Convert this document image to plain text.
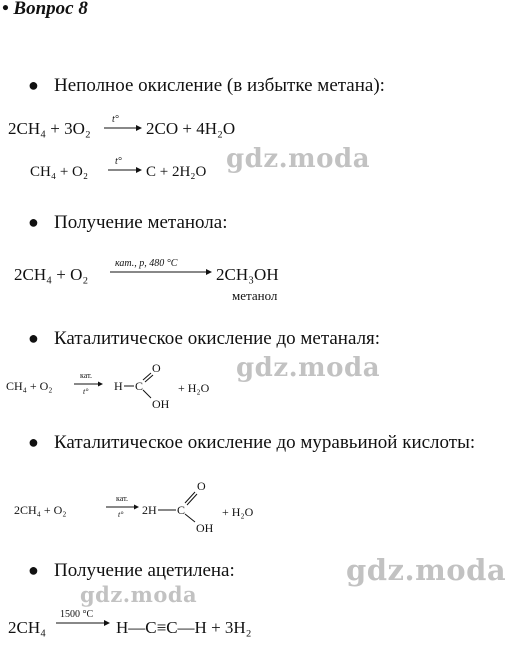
• Вопрос 8
● Неполное окисление (в избытке метана):
2CH₄ + 3O₂ t° 2CO + 4H₂O
CH₄ + O₂
t°
C + 2H₂O gdz.moda
● Получение метанола:
2CH₄ + O₂
кат., p, 480 °C
2CH₃OH
метанол
● Каталитическое окисление до метаналя:
CH₄ + O₂
кат.
t° H C
O
OH
+ H₂O
gdz.moda
● Каталитическое окисление до муравьиной кислоты:
2CH₄ + O₂
кат.
t° 2H C
O
OH
+ H₂O
● Получение ацетилена:	gdz.moda
2CH₄
1500 °C
H—C≡C—H + 3H₂
gdz.moda
